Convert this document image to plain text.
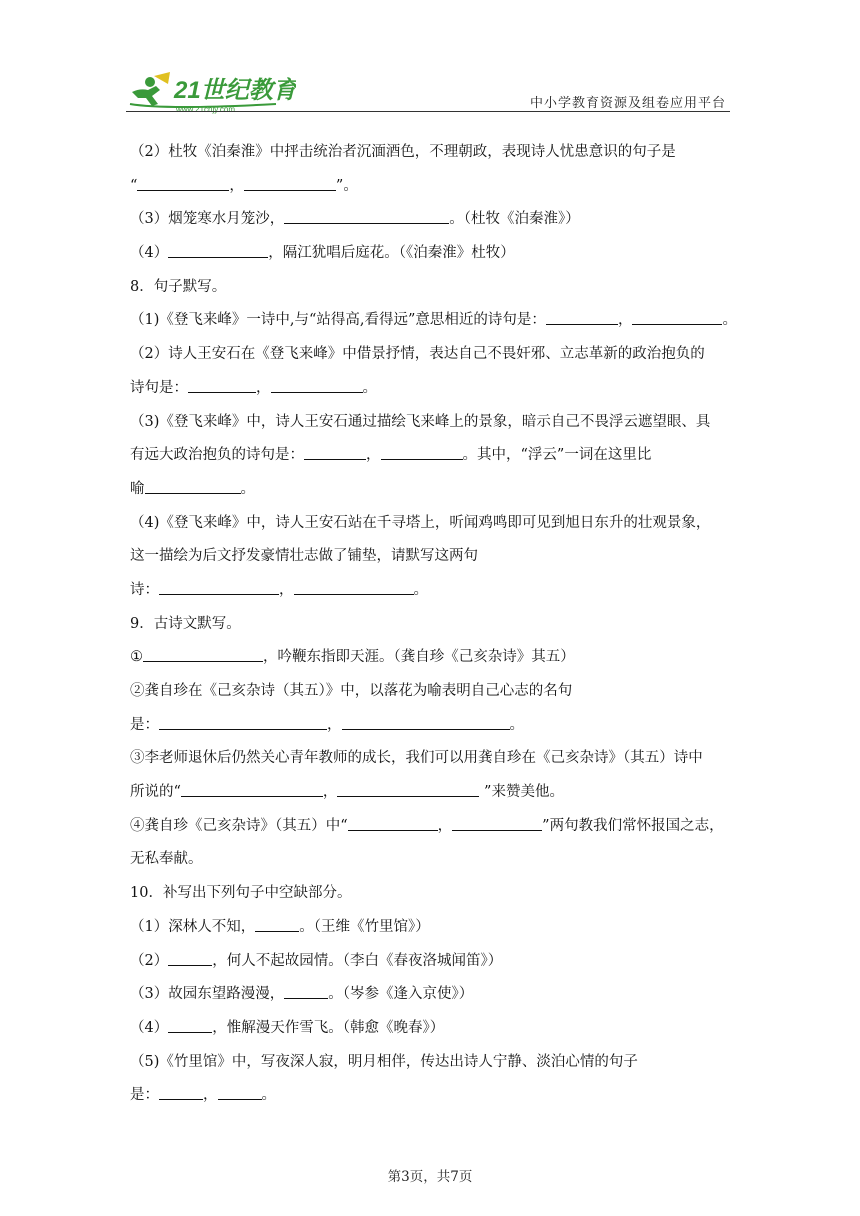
21世纪教育
www.21cnjy.com	中小学教育资源及组卷应用平台
（2）杜牧《泊秦淮》中抨击统治者沉湎酒色，不理朝政，表现诗人忧患意识的句子是
“	，	”。
（3）烟笼寒水月笼沙，	。（杜牧《泊秦淮》）
（4）	，隔江犹唱后庭花。（《泊秦淮》杜牧）
8．句子默写。
（1)《登飞来峰》一诗中,与“站得高,看得远”意思相近的诗句是：	，	。
（2）诗人王安石在《登飞来峰》中借景抒情，表达自己不畏奸邪、立志革新的政治抱负的
诗句是：	，	。
（3)《登飞来峰》中，诗人王安石通过描绘飞来峰上的景象，暗示自己不畏浮云遮望眼、具
有远大政治抱负的诗句是：	，	。其中，“浮云”一词在这里比
喻	。
（4)《登飞来峰》中，诗人王安石站在千寻塔上，听闻鸡鸣即可见到旭日东升的壮观景象，
这一描绘为后文抒发豪情壮志做了铺垫，请默写这两句
诗：	，	。
9．古诗文默写。
①	，吟鞭东指即天涯。（龚自珍《己亥杂诗》其五）
②龚自珍在《己亥杂诗（其五）》中，以落花为喻表明自己心志的名句
是：	，	。
③李老师退休后仍然关心青年教师的成长，我们可以用龚自珍在《己亥杂诗》（其五）诗中
所说的“	，	”来赞美他。
④龚自珍《己亥杂诗》（其五）中“	，	”两句教我们常怀报国之志，
无私奉献。
10．补写出下列句子中空缺部分。
（1）深林人不知，	。（王维《竹里馆》）
（2）	，何人不起故园情。（李白《春夜洛城闻笛》）
（3）故园东望路漫漫，	。（岑参《逢入京使》）
（4）	，惟解漫天作雪飞。（韩愈《晚春》）
（5)《竹里馆》中，写夜深人寂，明月相伴，传达出诗人宁静、淡泊心情的句子
是：	，	。
第3页，共7页
